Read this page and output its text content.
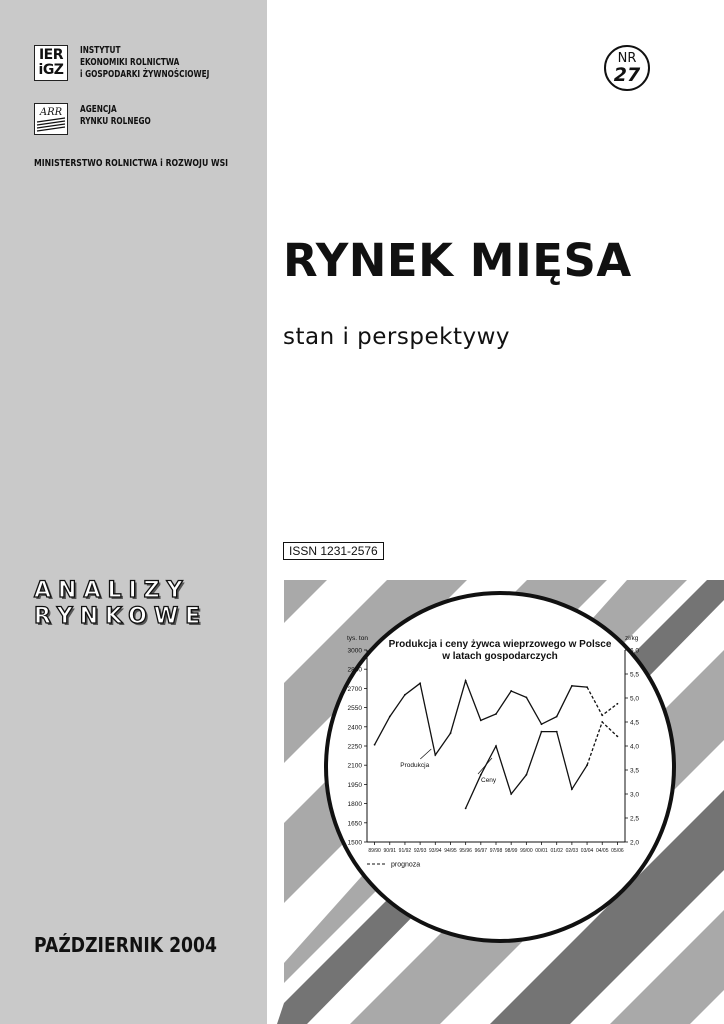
IER
iGZ
INSTYTUT
EKONOMIKI ROLNICTWA
i GOSPODARKI ŻYWNOŚCIOWEJ
ARR AGENCJA
RYNKU ROLNEGO
MINISTERSTWO ROLNICTWA i ROZWOJU WSI
ANALIZY
RYNKOWE
PAŹDZIERNIK 2004
NR
27
RYNEK MIĘSA
stan i perspektywy
Produkcja i ceny żywca wieprzowego w Polsce
w latach gospodarczych
tys. ton	zł/kg
3000
2850
2700
2550
2400
2250
2100
1950
1800
1650
1500
6,0
5,5
5,0
4,5
4,0
3,5
3,0
2,5
2,0
89/90 90/91 91/92 92/93 93/94 94/95 95/96 96/97 97/98 98/99 99/00 00/01 01/02 02/03 03/04 04/05 05/06
Produkcja
Ceny
prognoza
ISSN 1231-2576
